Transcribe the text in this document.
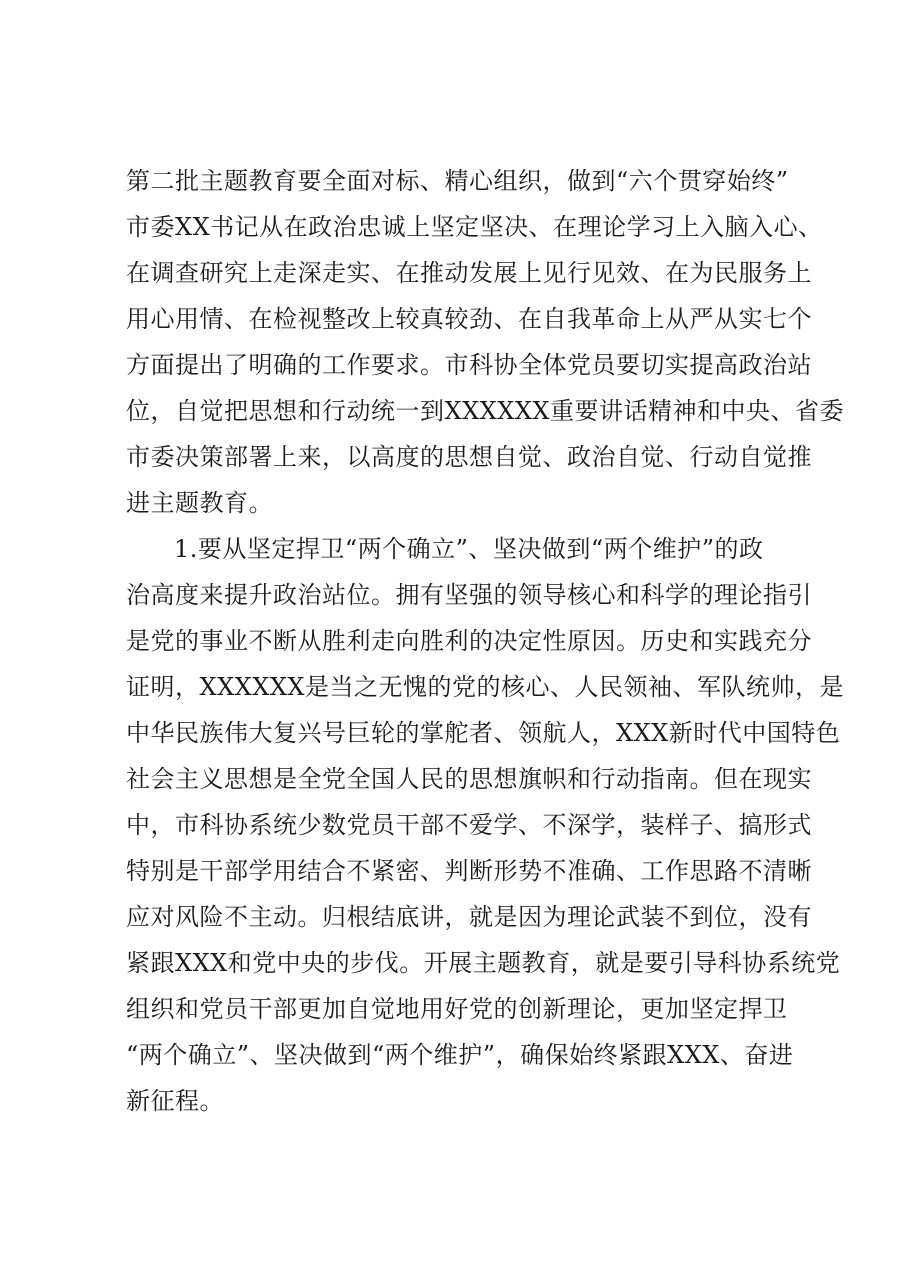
第二批主题教育要全面对标、精心组织，做到“六个贯穿始终”
市委XX书记从在政治忠诚上坚定坚决、在理论学习上入脑入心、
在调查研究上走深走实、在推动发展上见行见效、在为民服务上
用心用情、在检视整改上较真较劲、在自我革命上从严从实七个
方面提出了明确的工作要求。市科协全体党员要切实提高政治站
位，自觉把思想和行动统一到XXXXXX重要讲话精神和中央、省委
市委决策部署上来，以高度的思想自觉、政治自觉、行动自觉推
进主题教育。
1.要从坚定捍卫“两个确立”、坚决做到“两个维护”的政
治高度来提升政治站位。拥有坚强的领导核心和科学的理论指引
是党的事业不断从胜利走向胜利的决定性原因。历史和实践充分
证明，XXXXXX是当之无愧的党的核心、人民领袖、军队统帅，是
中华民族伟大复兴号巨轮的掌舵者、领航人，XXX新时代中国特色
社会主义思想是全党全国人民的思想旗帜和行动指南。但在现实
中，市科协系统少数党员干部不爱学、不深学，装样子、搞形式
特别是干部学用结合不紧密、判断形势不准确、工作思路不清晰
应对风险不主动。归根结底讲，就是因为理论武装不到位，没有
紧跟XXX和党中央的步伐。开展主题教育，就是要引导科协系统党
组织和党员干部更加自觉地用好党的创新理论，更加坚定捍卫
“两个确立”、坚决做到“两个维护”，确保始终紧跟XXX、奋进
新征程。
